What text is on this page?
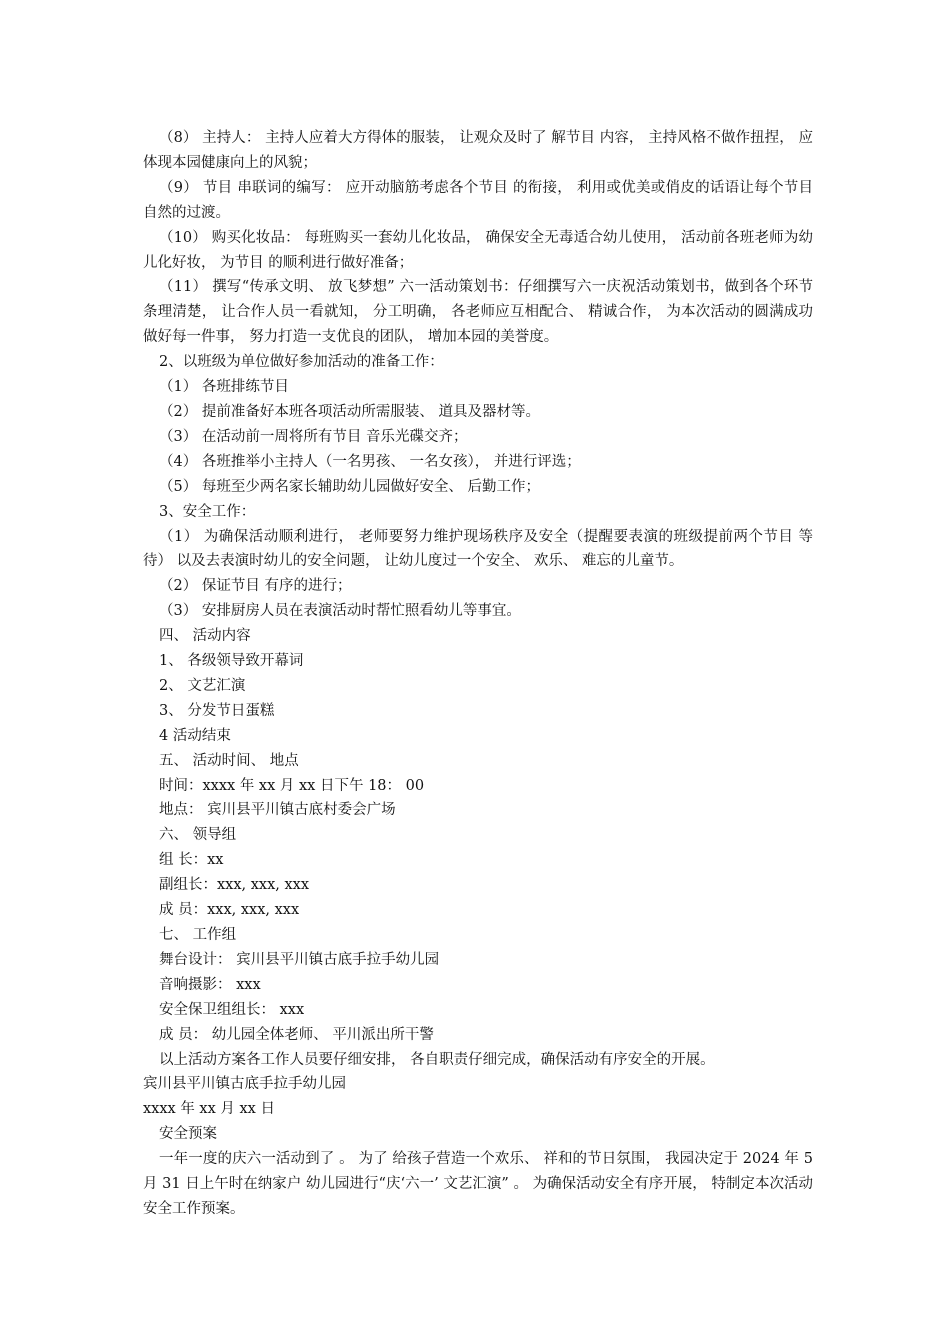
（8） 主持人： 主持人应着大方得体的服装， 让观众及时了 解节目 内容， 主持风格不做作扭捏， 应体现本园健康向上的风貌；

（9） 节目 串联词的编写： 应开动脑筋考虑各个节目 的衔接， 利用或优美或俏皮的话语让每个节目 自然的过渡。

（10） 购买化妆品： 每班购买一套幼儿化妆品， 确保安全无毒适合幼儿使用， 活动前各班老师为幼儿化好妆， 为节目 的顺利进行做好准备；

（11） 撰写“传承文明、 放飞梦想” 六一活动策划书：仔细撰写六一庆祝活动策划书，做到各个环节条理清楚， 让合作人员一看就知， 分工明确， 各老师应互相配合、 精诚合作， 为本次活动的圆满成功做好每一件事， 努力打造一支优良的团队， 增加本园的美誉度。

2、以班级为单位做好参加活动的准备工作：

（1） 各班排练节目

（2） 提前准备好本班各项活动所需服装、 道具及器材等。

（3） 在活动前一周将所有节目 音乐光碟交齐；

（4） 各班推举小主持人（一名男孩、 一名女孩）， 并进行评选；

（5） 每班至少两名家长辅助幼儿园做好安全、 后勤工作；

3、安全工作：

（1） 为确保活动顺利进行， 老师要努力维护现场秩序及安全（提醒要表演的班级提前两个节目 等待） 以及去表演时幼儿的安全问题， 让幼儿度过一个安全、 欢乐、 难忘的儿童节。

（2） 保证节目 有序的进行；

（3） 安排厨房人员在表演活动时帮忙照看幼儿等事宜。

四、 活动内容

1、 各级领导致开幕词

2、 文艺汇演

3、 分发节日蛋糕

4 活动结束

五、 活动时间、 地点

时间：xxxx 年 xx 月 xx 日下午 18： 00

地点： 宾川县平川镇古底村委会广场

六、 领导组

组 长：xx

副组长：xxx, xxx, xxx

成 员：xxx, xxx, xxx

七、 工作组

舞台设计： 宾川县平川镇古底手拉手幼儿园

音响摄影： xxx

安全保卫组组长： xxx

成 员： 幼儿园全体老师、 平川派出所干警

以上活动方案各工作人员要仔细安排， 各自职责仔细完成，确保活动有序安全的开展。

宾川县平川镇古底手拉手幼儿园

xxxx 年 xx 月 xx 日

安全预案

一年一度的庆六一活动到了 。 为了 给孩子营造一个欢乐、 祥和的节日氛围， 我园决定于 2024 年 5 月 31 日上午时在纳家户 幼儿园进行“庆‘六一’ 文艺汇演” 。 为确保活动安全有序开展， 特制定本次活动安全工作预案。
